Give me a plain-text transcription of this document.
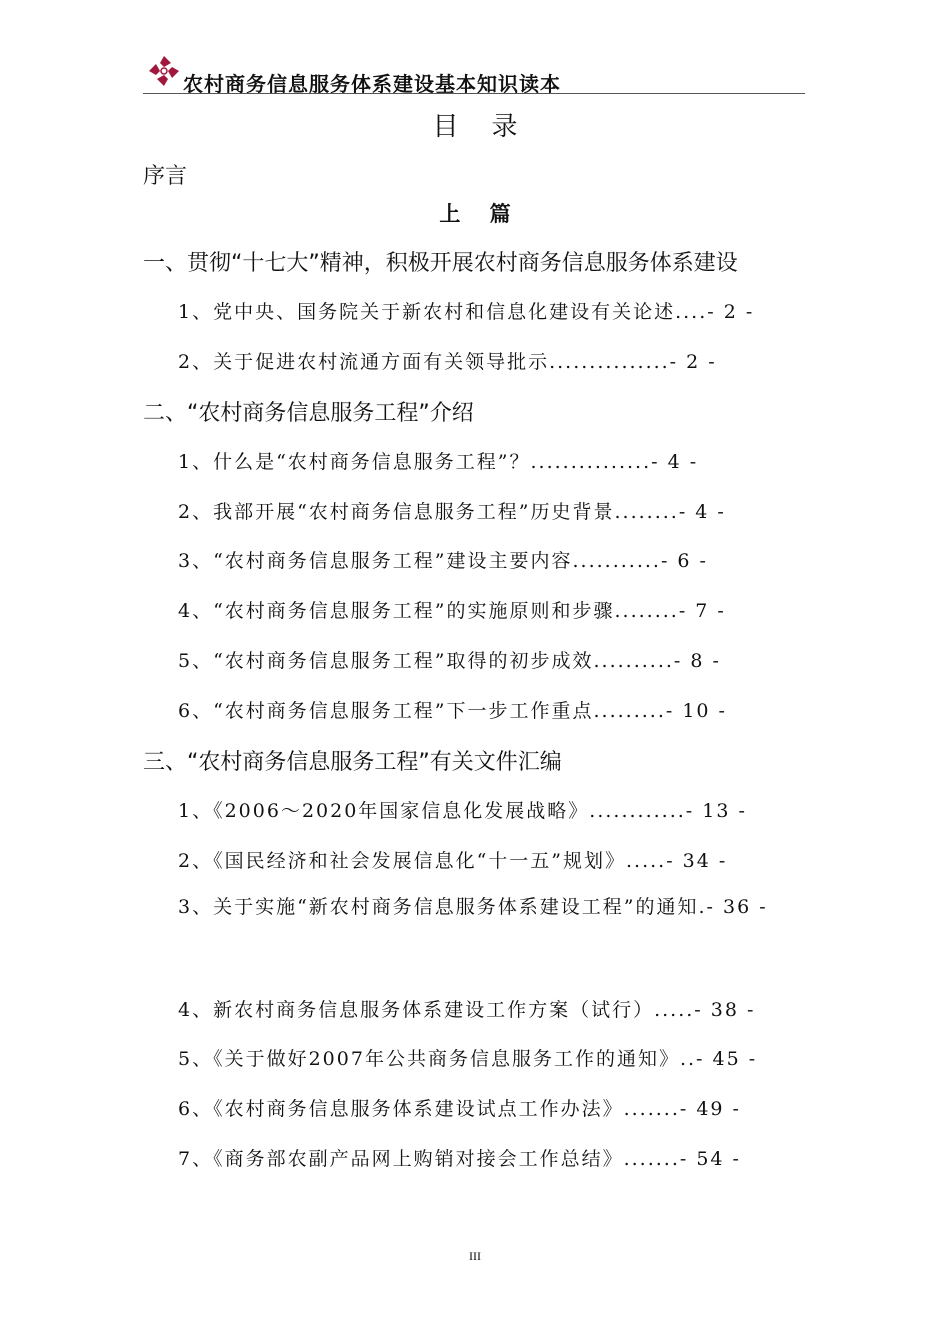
农村商务信息服务体系建设基本知识读本
目    录
序言
上    篇
一、贯彻“十七大”精神，积极开展农村商务信息服务体系建设
1、党中央、国务院关于新农村和信息化建设有关论述....- 2 -
2、关于促进农村流通方面有关领导批示...............- 2 -
二、“农村商务信息服务工程”介绍
1、什么是“农村商务信息服务工程”？...............- 4 -
2、我部开展“农村商务信息服务工程”历史背景........- 4 -
3、“农村商务信息服务工程”建设主要内容...........- 6 -
4、“农村商务信息服务工程”的实施原则和步骤........- 7 -
5、“农村商务信息服务工程”取得的初步成效..........- 8 -
6、“农村商务信息服务工程”下一步工作重点.........- 10 -
三、“农村商务信息服务工程”有关文件汇编
1、《2006～2020年国家信息化发展战略》............- 13 -
2、《国民经济和社会发展信息化“十一五”规划》.....- 34 -
3、关于实施“新农村商务信息服务体系建设工程”的通知.- 36 -
4、新农村商务信息服务体系建设工作方案（试行）.....- 38 -
5、《关于做好2007年公共商务信息服务工作的通知》..- 45 -
6、《农村商务信息服务体系建设试点工作办法》.......- 49 -
7、《商务部农副产品网上购销对接会工作总结》.......- 54 -
III
